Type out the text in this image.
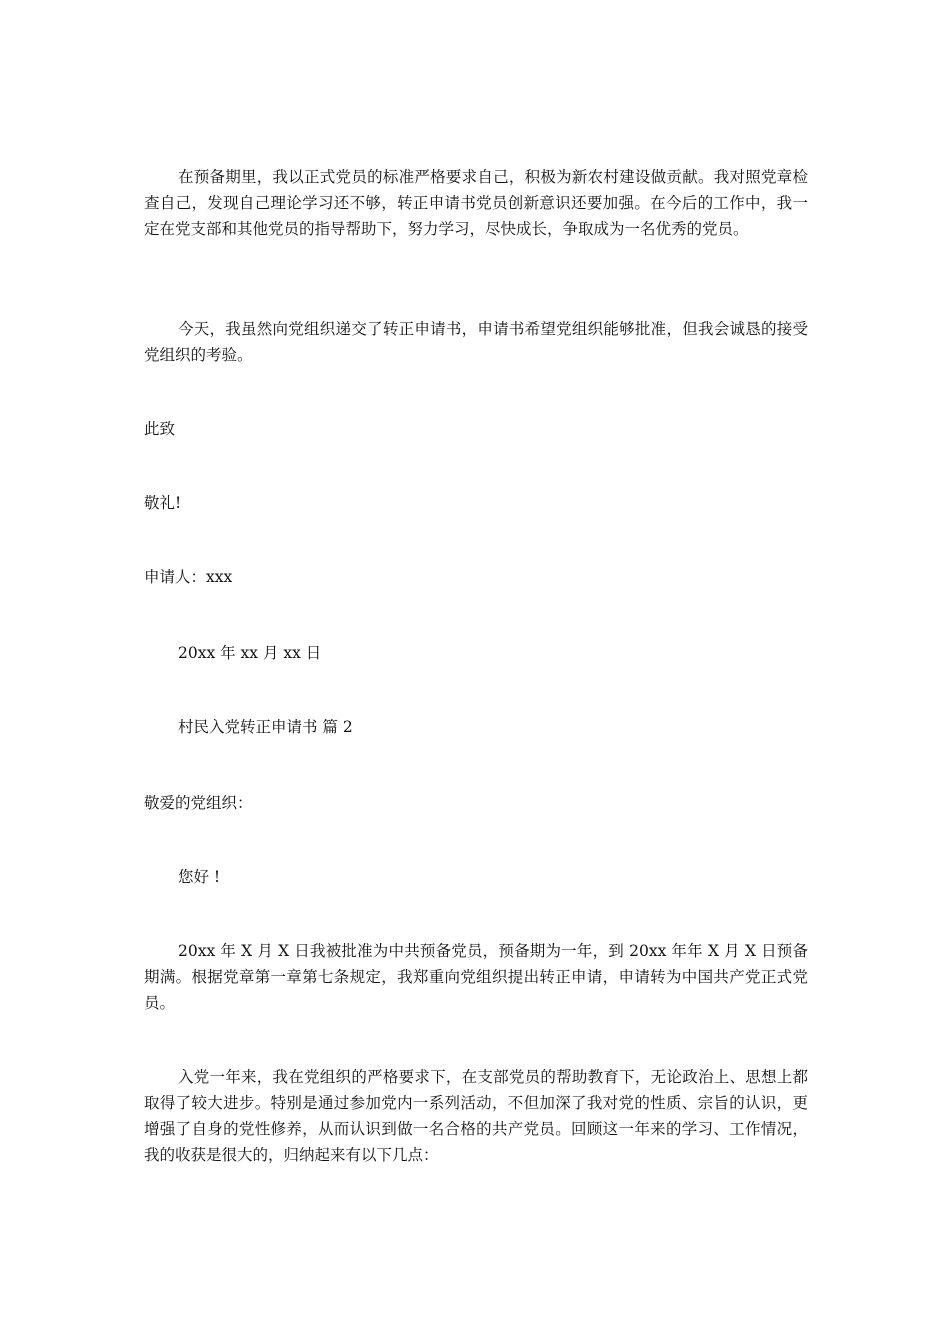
在预备期里，我以正式党员的标准严格要求自己，积极为新农村建设做贡献。我对照党章检查自己，发现自己理论学习还不够，转正申请书党员创新意识还要加强。在今后的工作中，我一定在党支部和其他党员的指导帮助下，努力学习，尽快成长，争取成为一名优秀的党员。

今天，我虽然向党组织递交了转正申请书，申请书希望党组织能够批准，但我会诚恳的接受党组织的考验。

此致

敬礼!

申请人：xxx

20xx 年 xx 月 xx 日

村民入党转正申请书 篇 2

敬爱的党组织：

您好 !

20xx 年 X 月 X 日我被批准为中共预备党员，预备期为一年，到 20xx 年年 X 月 X 日预备期满。根据党章第一章第七条规定，我郑重向党组织提出转正申请，申请转为中国共产党正式党员。

入党一年来，我在党组织的严格要求下，在支部党员的帮助教育下，无论政治上、思想上都取得了较大进步。特别是通过参加党内一系列活动，不但加深了我对党的性质、宗旨的认识，更增强了自身的党性修养，从而认识到做一名合格的共产党员。回顾这一年来的学习、工作情况，我的收获是很大的，归纳起来有以下几点：
